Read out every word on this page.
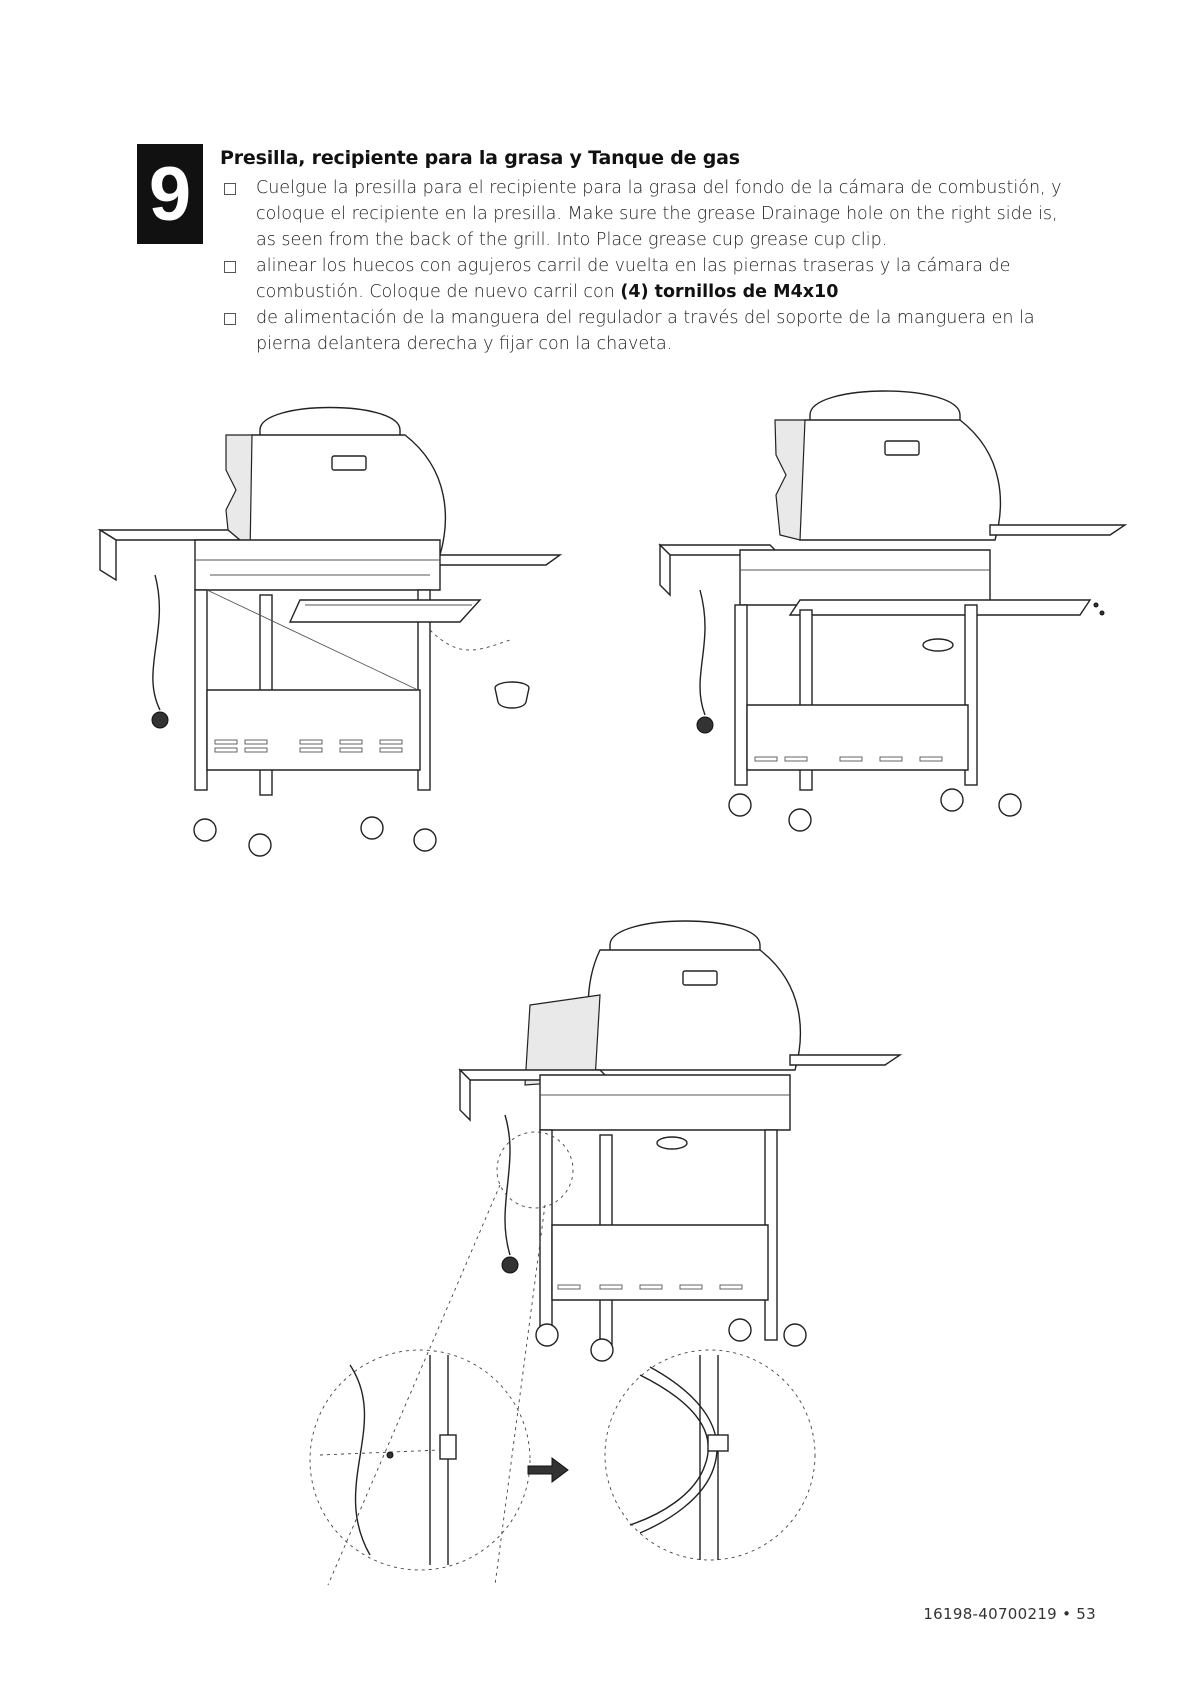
9	Presilla, recipiente para la grasa y Tanque de gas
Cuelgue la presilla para el recipiente para la grasa del fondo de la cámara de combustión, y coloque el recipiente en la presilla. Make sure the grease Drainage hole on the right side is, as seen from the back of the grill. Into Place grease cup grease cup clip.
alinear los huecos con agujeros carril de vuelta en las piernas traseras y la cámara de combustión. Coloque de nuevo carril con (4) tornillos de M4x10
de alimentación de la manguera del regulador a través del soporte de la manguera en la pierna delantera derecha y fijar con la chaveta.
16198-40700219 • 53
